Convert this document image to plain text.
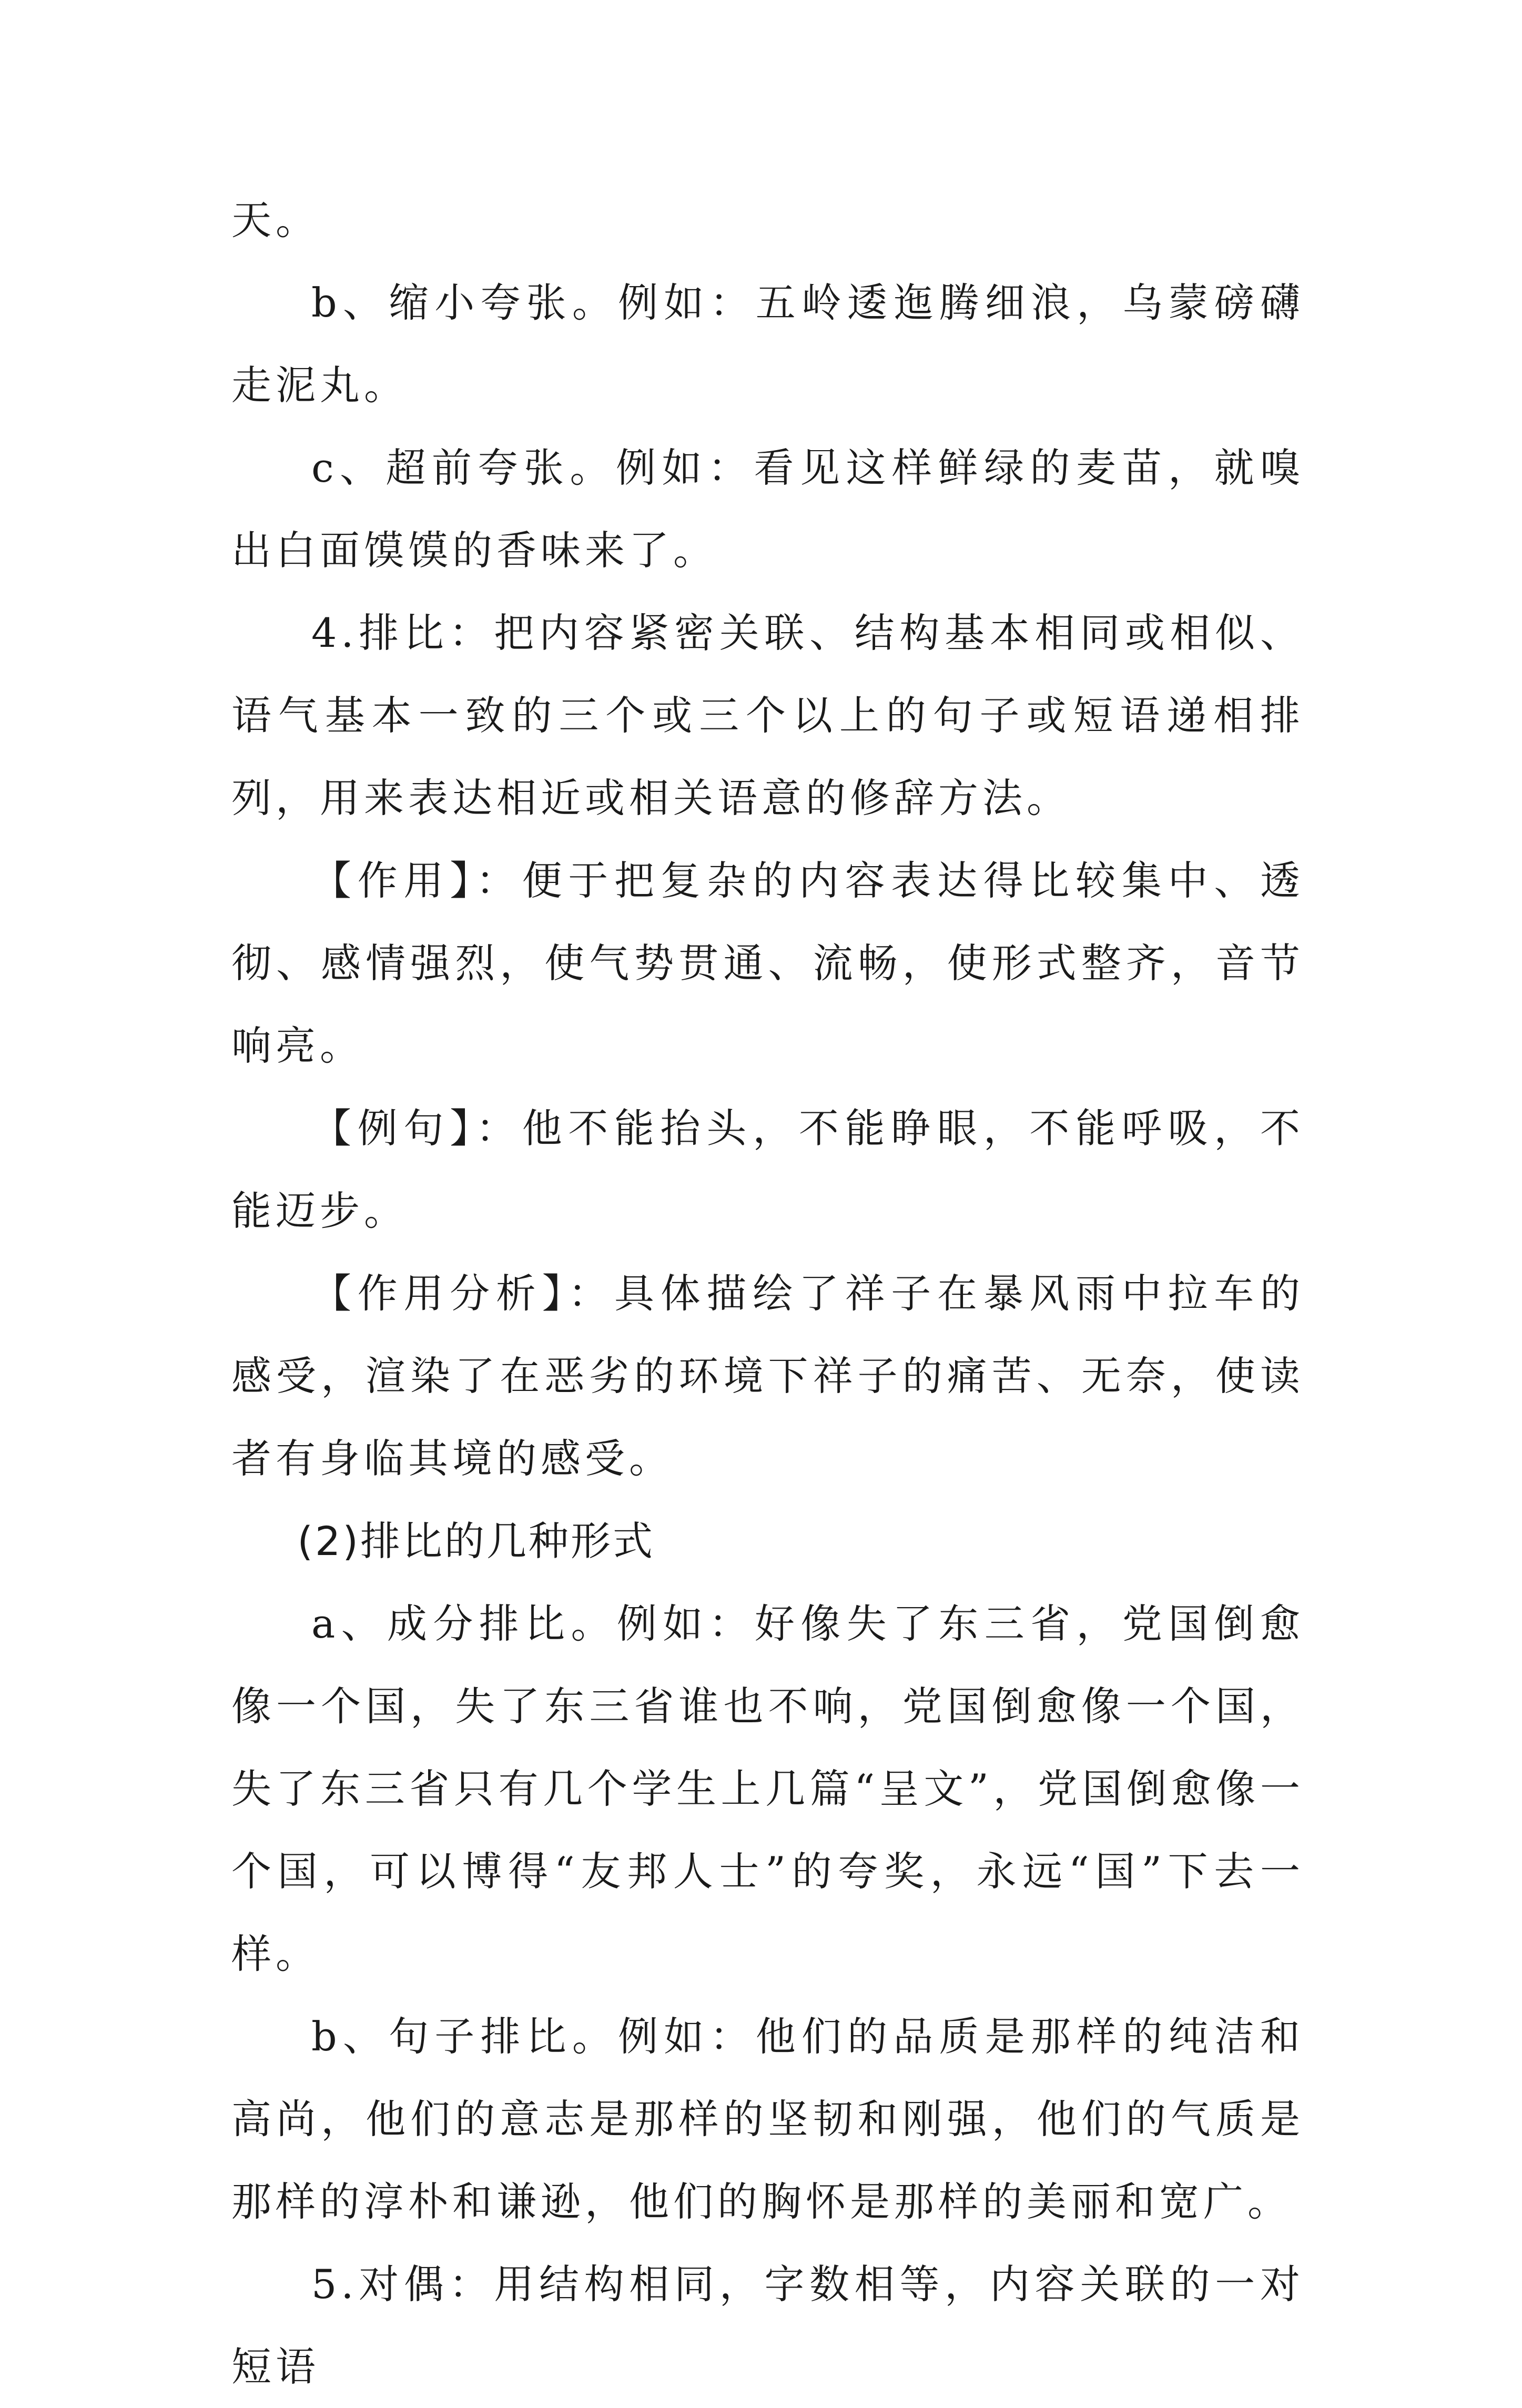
天。

b、缩小夸张。例如：五岭逶迤腾细浪，乌蒙磅礴走泥丸。

c、超前夸张。例如：看见这样鲜绿的麦苗，就嗅出白面馍馍的香味来了。

4.排比：把内容紧密关联、结构基本相同或相似、语气基本一致的三个或三个以上的句子或短语递相排列，用来表达相近或相关语意的修辞方法。

【作用】：便于把复杂的内容表达得比较集中、透彻、感情强烈，使气势贯通、流畅，使形式整齐，音节响亮。

【例句】：他不能抬头，不能睁眼，不能呼吸，不能迈步。

【作用分析】：具体描绘了祥子在暴风雨中拉车的感受，渲染了在恶劣的环境下祥子的痛苦、无奈，使读者有身临其境的感受。

(2)排比的几种形式

a、成分排比。例如：好像失了东三省，党国倒愈像一个国，失了东三省谁也不响，党国倒愈像一个国，失了东三省只有几个学生上几篇“呈文”，党国倒愈像一个国，可以博得“友邦人士”的夸奖，永远“国”下去一样。

b、句子排比。例如：他们的品质是那样的纯洁和高尚，他们的意志是那样的坚韧和刚强，他们的气质是那样的淳朴和谦逊，他们的胸怀是那样的美丽和宽广。

5.对偶：用结构相同，字数相等，内容关联的一对短语
